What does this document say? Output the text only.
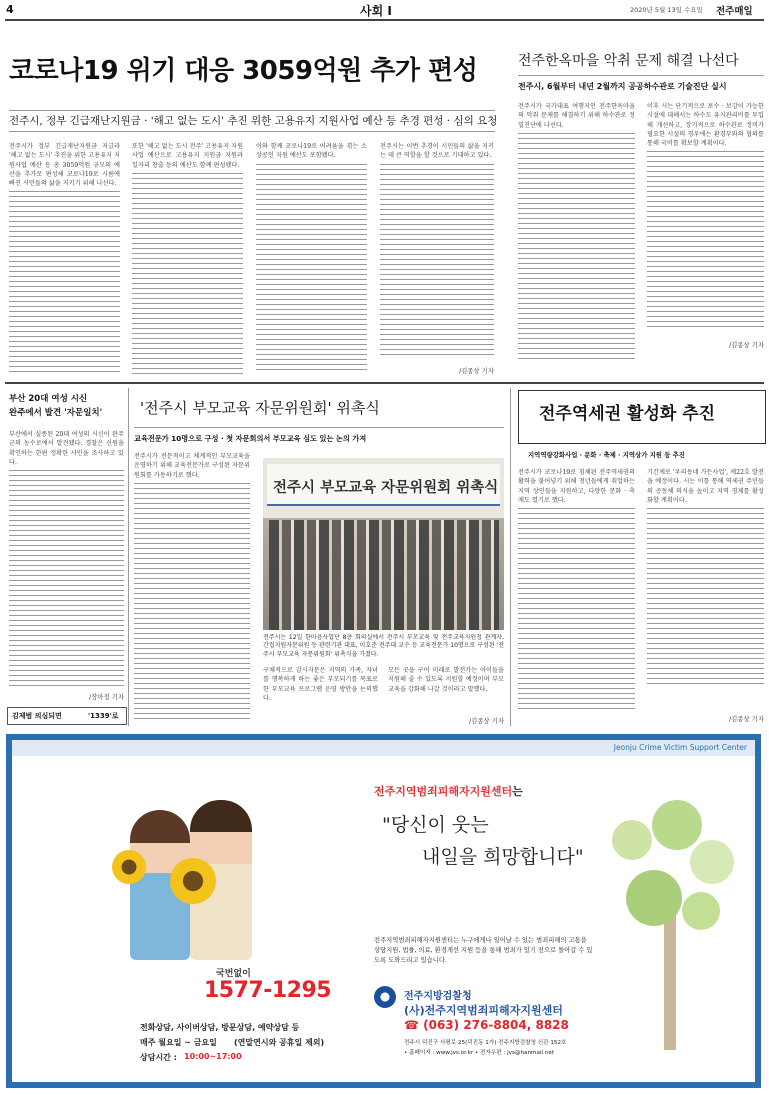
4	사회 I	2020년 5월 13일 수요일 전주매일
코로나19 위기 대응 3059억원 추가 편성
전주시, 정부 긴급재난지원금 · '해고 없는 도시' 추진 위한 고용유지 지원사업 예산 등 추경 편성 · 심의 요청
전주시가 정부 긴급재난지원금 지급과 '해고 없는 도시' 추진을 위한 고용유지 지원사업 예산 등 총 3059억원 규모의 예산을 추가로 편성해 코로나19로 시름에 빠진 시민들의 삶을 지키기 위해 나선다.
또한 '해고 없는 도시 전주' 고용유지 지원사업 예산으로 고용유지 지원금 지원과 일자리 창출 등의 예산도 함께 편성됐다.
이와 함께 코로나19로 어려움을 겪는 소상공인 지원 예산도 포함됐다.
전주시는 이번 추경이 시민들의 삶을 지키는 데 큰 역할을 할 것으로 기대하고 있다.
/김종상 기자
전주한옥마을 악취 문제 해결 나선다
전주시, 6월부터 내년 2월까지 공공하수관로 기술진단 실시
전주시가 국가대표 여행지인 전주한옥마을의 악취 문제를 해결하기 위해 하수관로 정밀진단에 나선다.
이후 시는 단기적으로 보수 · 보강이 가능한 시설에 대해서는 하수도 유지관리비를 투입해 개선하고, 장기적으로 하수관로 정비가 필요한 시설의 경우에는 환경부와의 협의를 통해 국비를 확보할 계획이다.
/김종상 기자
부산 20대 여성 시신
완주에서 발견 '자문일치'
부산에서 실종된 20대 여성의 시신이 완주군의 농수로에서 발견됐다. 경찰은 신원을 확인하는 한편 정확한 사인을 조사하고 있다.
/장아정 기자
김제범 의심되면	'1339'로
'전주시 부모교육 자문위원회' 위촉식
교육전문가 10명으로 구성 · 첫 자문회의서 부모교육 심도 있는 논의 가져
전주시가 전문적이고 체계적인 부모교육을 운영하기 위해 교육전문가로 구성된 자문위원회를 가동하기로 했다.
전주시 부모교육 자문위원회 위촉식
전주시는 12일 한마음사업단 8층 회의실에서 전주시 부모교육 및 전주교육지원청 관계자, 간접지원자문위원 등 관련기관 대표, 이호준 전주대 교수 등 교육전문가 10명으로 구성된 '전주시 부모교육 자문위원회' 위촉식을 가졌다.
구체적으로 감시자문은 지역의 가족, 자녀를 행복하게 하는 좋은 부모되기를 목표로 한 부모교육 프로그램 운영 방안을 논의했다.
모든 곳을 구어 미래로 발전가는 아이들을 지원해 줄 수 있도록 지원할 예정이며 부모교육을 강화해 나갈 것이라고 말했다.
/김종상 기자
전주역세권 활성화 추진
지역역량강화사업 · 문화 · 축제 · 지역상가 지원 등 추진
전주시가 코로나19로 침체된 전주역세권의 활력을 불어넣기 위해 청년들에게 취업하는 지역 상인들을 지원하고, 다양한 문화 · 축제도 열기로 했다.
기간제로 '우리동네 가든사업', 제22호 발전을 예정이다. 시는 이를 통해 역세권 주민들의 공동체 의식을 높이고 지역 경제를 활성화할 계획이다.
/김종상 기자
Jeonju Crime Victim Support Center
국번없이
1577-1295
전화상담, 사이버상담, 방문상담, 예약상담 등
매주 월요일 ~ 금요일 (연말연시와 공휴일 제외)
상담시간 : 10:00~17:00
전주지역범죄피해자지원센터는
"당신이 웃는
내일을 희망합니다"
전주지역범죄피해자지원센터는 누구에게나 일어날 수 있는 범죄피해의 고통을 상담지원, 법률, 의료, 환경개선 지원 등을 통해 범죄가 있기 전으로 돌아갈 수 있도록 도와드리고 있습니다.
전주지방검찰청
(사)전주지역범죄피해자지원센터
☎ (063) 276-8804, 8828
전주시 덕진구 사평로 25(덕진동 1가) 전주지방검찰청 신관 152호
• 홈페이지 : www.jvs.or.kr • 전자우편 : jvs@hanmail.net
